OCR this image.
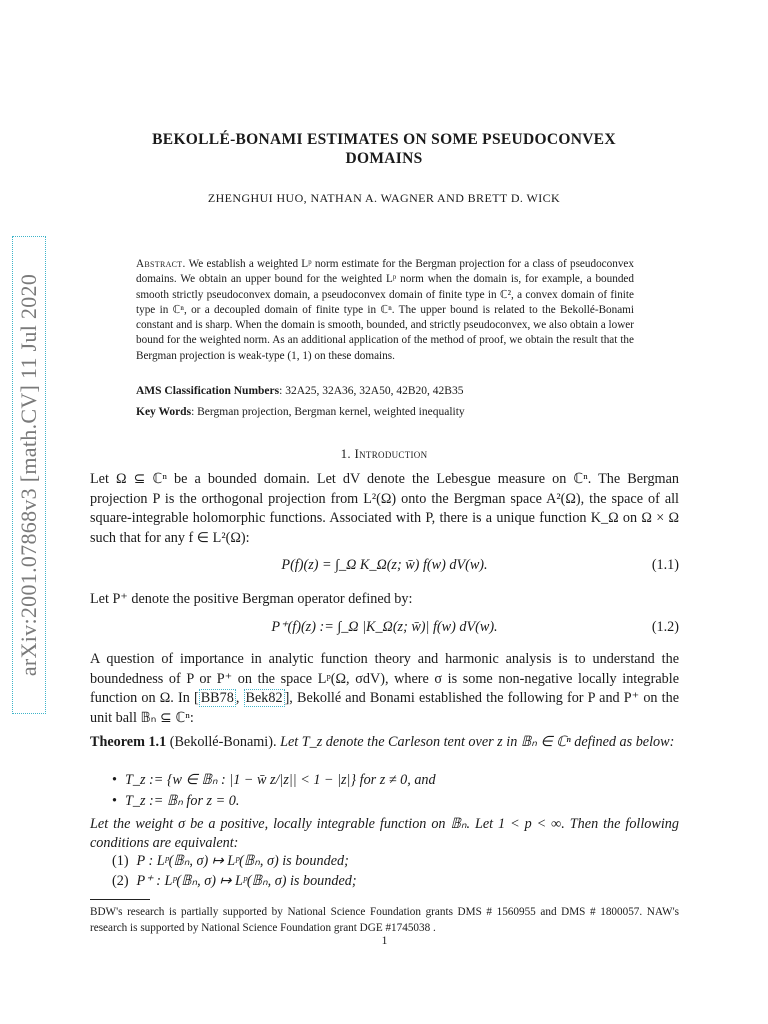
arXiv:2001.07868v3 [math.CV] 11 Jul 2020
BEKOLLÉ-BONAMI ESTIMATES ON SOME PSEUDOCONVEX
DOMAINS
ZHENGHUI HUO, NATHAN A. WAGNER AND BRETT D. WICK
Abstract. We establish a weighted Lᵖ norm estimate for the Bergman projection for a class of pseudoconvex domains. We obtain an upper bound for the weighted Lᵖ norm when the domain is, for example, a bounded smooth strictly pseudoconvex domain, a pseudoconvex domain of finite type in ℂ², a convex domain of finite type in ℂⁿ, or a decoupled domain of finite type in ℂⁿ. The upper bound is related to the Bekollé-Bonami constant and is sharp. When the domain is smooth, bounded, and strictly pseudoconvex, we also obtain a lower bound for the weighted norm. As an additional application of the method of proof, we obtain the result that the Bergman projection is weak-type (1, 1) on these domains.
AMS Classification Numbers: 32A25, 32A36, 32A50, 42B20, 42B35
Key Words: Bergman projection, Bergman kernel, weighted inequality
1. Introduction
Let Ω ⊆ ℂⁿ be a bounded domain. Let dV denote the Lebesgue measure on ℂⁿ. The Bergman projection P is the orthogonal projection from L²(Ω) onto the Bergman space A²(Ω), the space of all square-integrable holomorphic functions. Associated with P, there is a unique function K_Ω on Ω × Ω such that for any f ∈ L²(Ω):
P(f)(z) = ∫_Ω K_Ω(z; w̄) f(w) dV(w).	(1.1)
Let P⁺ denote the positive Bergman operator defined by:
P⁺(f)(z) := ∫_Ω |K_Ω(z; w̄)| f(w) dV(w).	(1.2)
A question of importance in analytic function theory and harmonic analysis is to understand the boundedness of P or P⁺ on the space Lᵖ(Ω, σdV), where σ is some non-negative locally integrable function on Ω. In [ BB78 , Bek82 ], Bekollé and Bonami established the following for P and P⁺ on the unit ball 𝔹ₙ ⊆ ℂⁿ:
Theorem 1.1 (Bekollé-Bonami). Let T_z denote the Carleson tent over z in 𝔹ₙ ∈ ℂⁿ defined as below:
• T_z := {w ∈ 𝔹ₙ : |1 − w̄ z/|z|| < 1 − |z|} for z ≠ 0, and
• T_z := 𝔹ₙ for z = 0.
Let the weight σ be a positive, locally integrable function on 𝔹ₙ. Let 1 < p < ∞. Then the following conditions are equivalent:
(1) P : Lᵖ(𝔹ₙ, σ) ↦ Lᵖ(𝔹ₙ, σ) is bounded;
(2) P⁺ : Lᵖ(𝔹ₙ, σ) ↦ Lᵖ(𝔹ₙ, σ) is bounded;
BDW's research is partially supported by National Science Foundation grants DMS # 1560955 and DMS # 1800057. NAW's research is supported by National Science Foundation grant DGE #1745038 .
1
